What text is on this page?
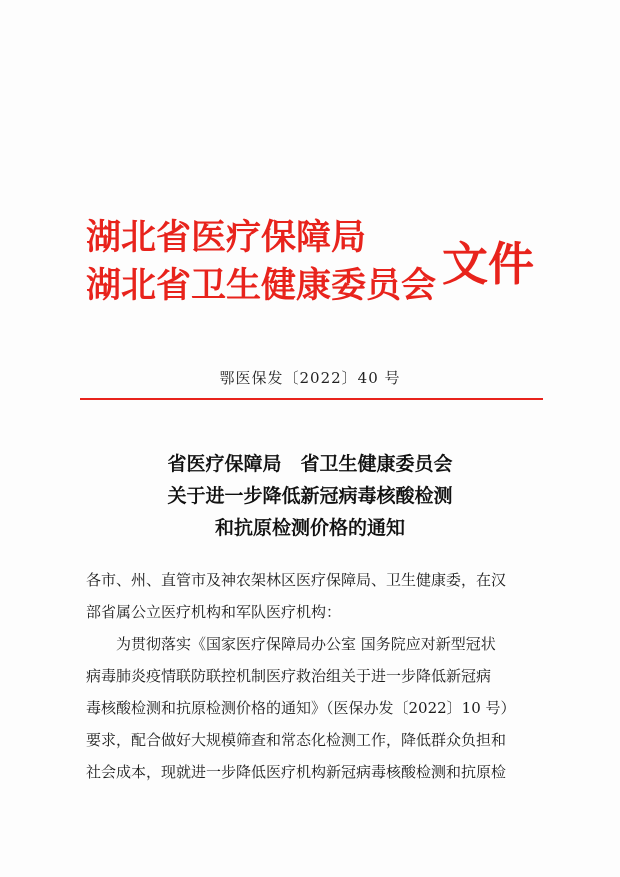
湖北省医疗保障局
湖北省卫生健康委员会 文件
鄂医保发〔2022〕40 号
省医疗保障局　省卫生健康委员会
关于进一步降低新冠病毒核酸检测
和抗原检测价格的通知

各市、州、直管市及神农架林区医疗保障局、卫生健康委，在汉

部省属公立医疗机构和军队医疗机构：

为贯彻落实《国家医疗保障局办公室 国务院应对新型冠状

病毒肺炎疫情联防联控机制医疗救治组关于进一步降低新冠病

毒核酸检测和抗原检测价格的通知》（医保办发〔2022〕10 号）

要求，配合做好大规模筛查和常态化检测工作，降低群众负担和

社会成本，现就进一步降低医疗机构新冠病毒核酸检测和抗原检
